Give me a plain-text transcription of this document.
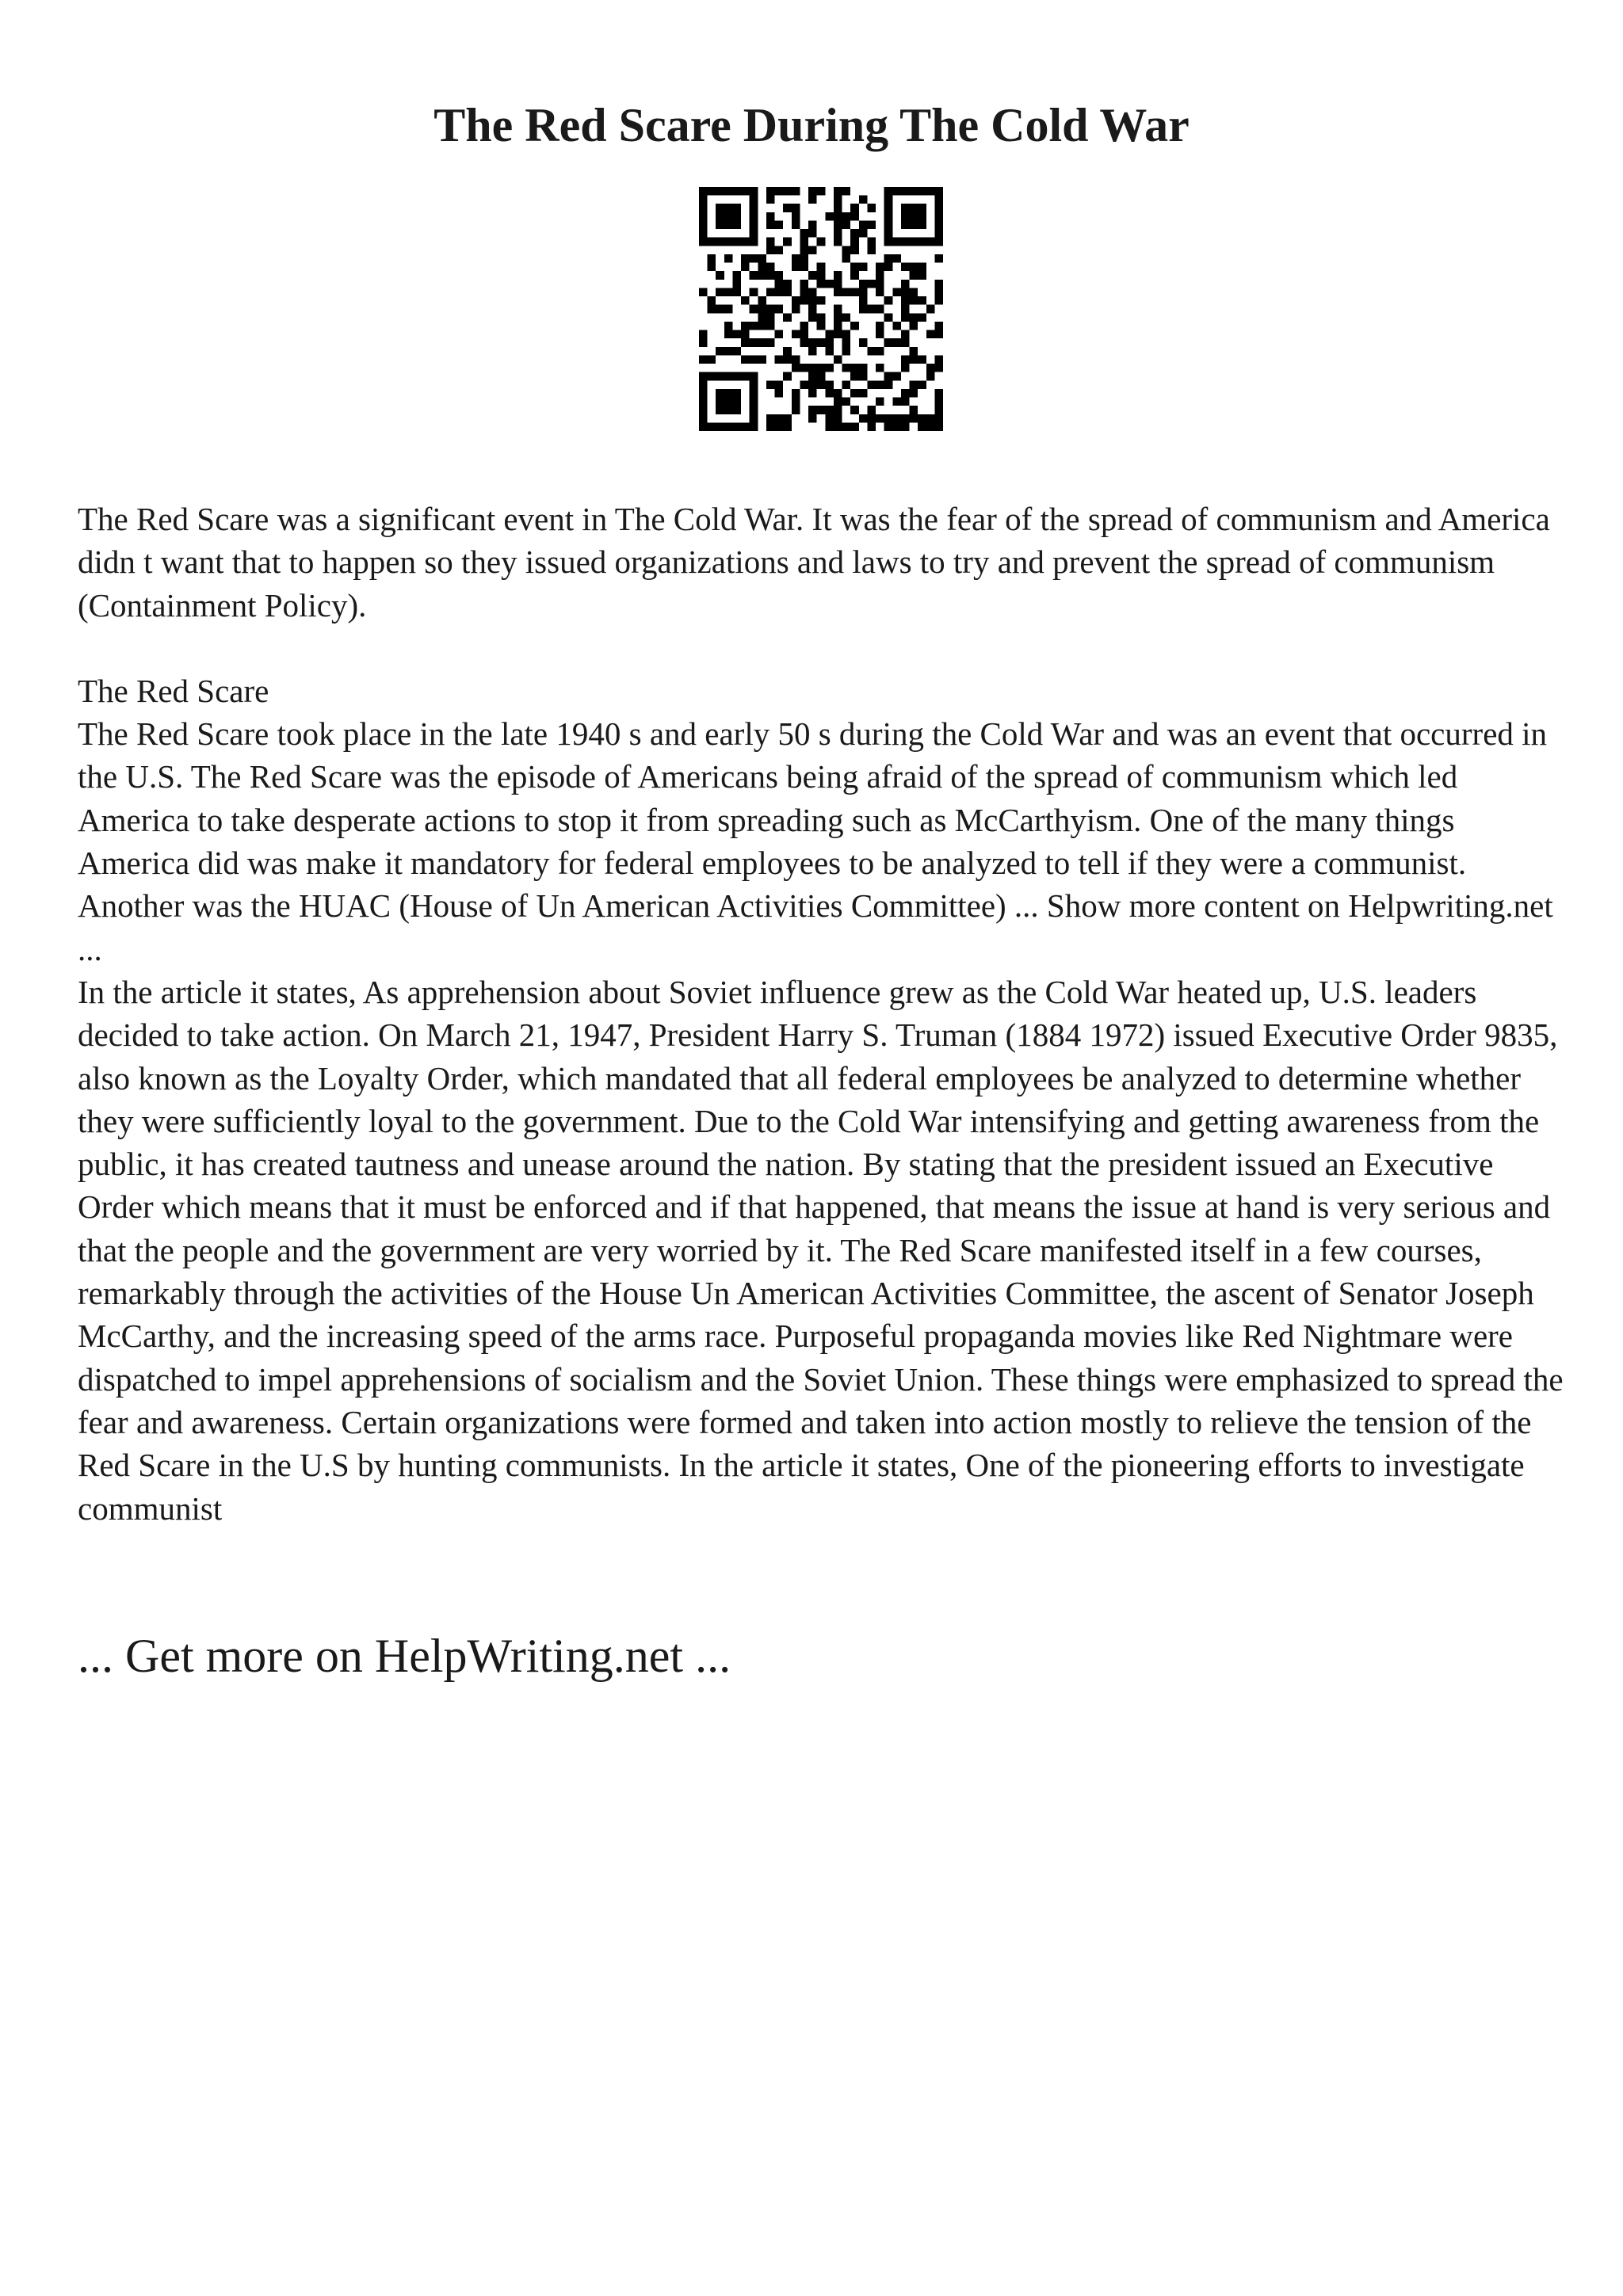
The Red Scare During The Cold War

The Red Scare was a significant event in The Cold War. It was the fear of the spread of communism and America didn t want that to happen so they issued organizations and laws to try and prevent the spread of communism (Containment Policy).

The Red Scare

The Red Scare took place in the late 1940 s and early 50 s during the Cold War and was an event that occurred in the U.S. The Red Scare was the episode of Americans being afraid of the spread of communism which led America to take desperate actions to stop it from spreading such as McCarthyism. One of the many things America did was make it mandatory for federal employees to be analyzed to tell if they were a communist. Another was the HUAC (House of Un American Activities Committee) ... Show more content on Helpwriting.net ...

In the article it states, As apprehension about Soviet influence grew as the Cold War heated up, U.S. leaders decided to take action. On March 21, 1947, President Harry S. Truman (1884 1972) issued Executive Order 9835, also known as the Loyalty Order, which mandated that all federal employees be analyzed to determine whether they were sufficiently loyal to the government. Due to the Cold War intensifying and getting awareness from the public, it has created tautness and unease around the nation. By stating that the president issued an Executive Order which means that it must be enforced and if that happened, that means the issue at hand is very serious and that the people and the government are very worried by it. The Red Scare manifested itself in a few courses, remarkably through the activities of the House Un American Activities Committee, the ascent of Senator Joseph McCarthy, and the increasing speed of the arms race. Purposeful propaganda movies like Red Nightmare were dispatched to impel apprehensions of socialism and the Soviet Union. These things were emphasized to spread the fear and awareness. Certain organizations were formed and taken into action mostly to relieve the tension of the Red Scare in the U.S by hunting communists. In the article it states, One of the pioneering efforts to investigate communist

... Get more on HelpWriting.net ...
